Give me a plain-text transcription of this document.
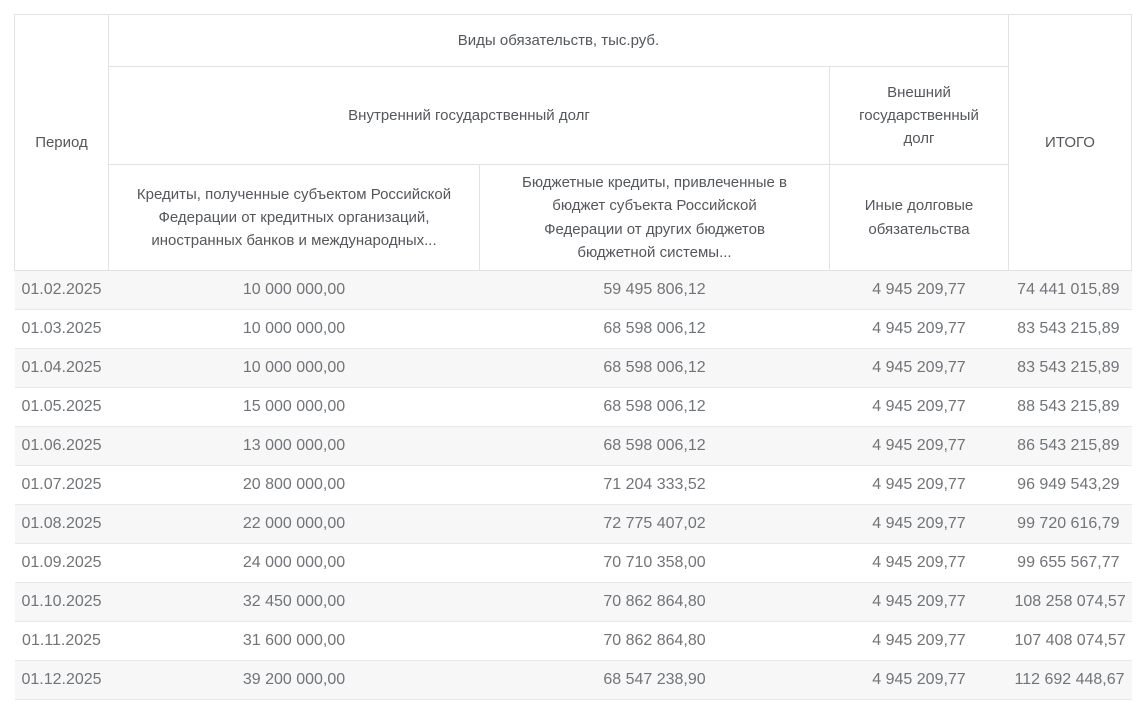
Период	Виды обязательств, тыс.руб.			ИТОГО
	Внутренний государственный долг		Внешний государственный долг	
	Кредиты, полученные субъектом Российской Федерации от кредитных организаций, иностранных банков и международных...	Бюджетные кредиты, привлеченные в бюджет субъекта Российской Федерации от других бюджетов бюджетной системы...	Иные долговые обязательства	
01.02.2025	10 000 000,00	59 495 806,12	4 945 209,77	74 441 015,89
01.03.2025	10 000 000,00	68 598 006,12	4 945 209,77	83 543 215,89
01.04.2025	10 000 000,00	68 598 006,12	4 945 209,77	83 543 215,89
01.05.2025	15 000 000,00	68 598 006,12	4 945 209,77	88 543 215,89
01.06.2025	13 000 000,00	68 598 006,12	4 945 209,77	86 543 215,89
01.07.2025	20 800 000,00	71 204 333,52	4 945 209,77	96 949 543,29
01.08.2025	22 000 000,00	72 775 407,02	4 945 209,77	99 720 616,79
01.09.2025	24 000 000,00	70 710 358,00	4 945 209,77	99 655 567,77
01.10.2025	32 450 000,00	70 862 864,80	4 945 209,77	108 258 074,57
01.11.2025	31 600 000,00	70 862 864,80	4 945 209,77	107 408 074,57
01.12.2025	39 200 000,00	68 547 238,90	4 945 209,77	112 692 448,67
